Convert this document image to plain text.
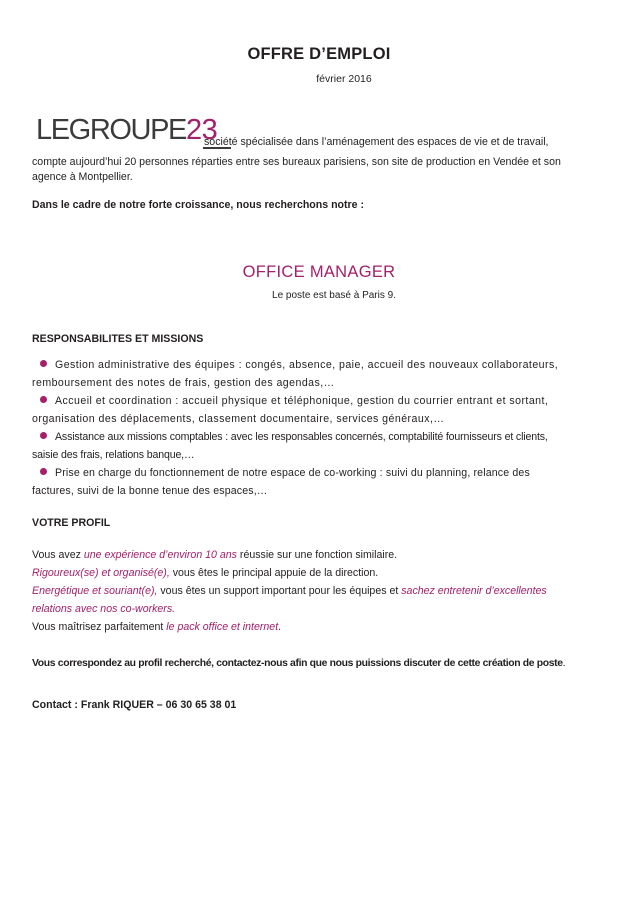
OFFRE D’EMPLOI
février 2016
LEGROUPE23
société spécialisée dans l’aménagement des espaces de vie et de travail,
compte aujourd’hui 20 personnes réparties entre ses bureaux parisiens, son site de production en Vendée et son
agence à Montpellier.
Dans le cadre de notre forte croissance, nous recherchons notre :
OFFICE MANAGER
Le poste est basé à Paris 9.
RESPONSABILITES ET MISSIONS
Gestion administrative des équipes : congés, absence, paie, accueil des nouveaux collaborateurs,
remboursement des notes de frais, gestion des agendas,…
Accueil et coordination : accueil physique et téléphonique, gestion du courrier entrant et sortant,
organisation des déplacements, classement documentaire, services généraux,…
Assistance aux missions comptables : avec les responsables concernés, comptabilité fournisseurs et clients,
saisie des frais, relations banque,…
Prise en charge du fonctionnement de notre espace de co-working : suivi du planning, relance des
factures, suivi de la bonne tenue des espaces,…
VOTRE PROFIL
Vous avez une expérience d’environ 10 ans réussie sur une fonction similaire.
Rigoureux(se) et organisé(e), vous êtes le principal appuie de la direction.
Energétique et souriant(e), vous êtes un support important pour les équipes et sachez entretenir d’excellentes
relations avec nos co-workers.
Vous maîtrisez parfaitement le pack office et internet.
Vous correspondez au profil recherché, contactez-nous afin que nous puissions discuter de cette création de poste.
Contact : Frank RIQUER – 06 30 65 38 01
